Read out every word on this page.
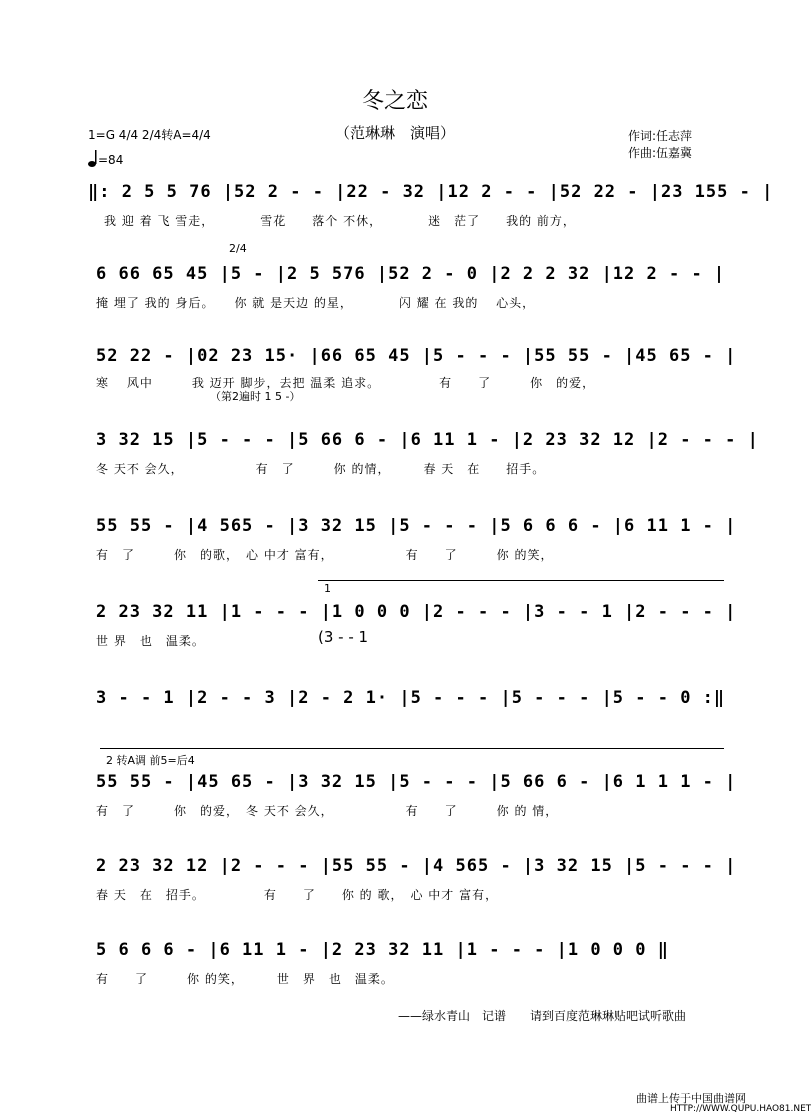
冬之恋
（范琳琳　演唱）
1=G 4/4 2/4转A=4/4
=84
作词:任志萍
作曲:伍嘉冀
2/4
（第2遍时 1 5 -）
1
(3 - - 1
2 转A调 前5=后4
‖: 2 5 5 76 |52 2 - - |22 - 32 |12 2 - - |52 22 - |23 155 - |
我 迎 着 飞 雪走，　　　　雪花　　落个 不休，　　　　迷　茫了　　我的 前方，
6 66 65 45 |5 - |2 5 576 |52 2 - 0 |2 2 2 32 |12 2 - - |
掩 埋了 我的 身后。　　你 就 是天边 的星，　　　　闪 耀 在 我的 　心头，
52 22 - |02 23 15· |66 65 45 |5 - - - |55 55 - |45 65 - |
寒 　风中　　　我 迈开 脚步，去把 温柔 追求。　　　　　有　　了　　　你　的爱，
3 32 15 |5 - - - |5 66 6 - |6 11 1 - |2 23 32 12 |2 - - - |
冬 天不 会久，　　　　　　有　了　　　你 的情，　　　春 天　在　　招手。
55 55 - |4 565 - |3 32 15 |5 - - - |5 6 6 6 - |6 11 1 - |
有　了　　　你　的歌，　心 中才 富有，　　　　　　有　　了　　　你 的笑，
2 23 32 11 |1 - - - |1 0 0 0 |2 - - - |3 - - 1 |2 - - - |
世 界　也　温柔。
3 - - 1 |2 - - 3 |2 - 2 1· |5 - - - |5 - - - |5 - - 0 :‖
55 55 - |45 65 - |3 32 15 |5 - - - |5 66 6 - |6 1 1 1 - |
有　了　　　你　的爱，　冬 天不 会久，　　　　　　有　　了　　　你 的 情，
2 23 32 12 |2 - - - |55 55 - |4 565 - |3 32 15 |5 - - - |
春 天　在　招手。　　　　　有　　了　　你 的 歌，　心 中才 富有，
5 6 6 6 - |6 11 1 - |2 23 32 11 |1 - - - |1 0 0 0 ‖
有　　了　　　你 的笑，　　　世　界　也　温柔。
——绿水青山　记谱　　请到百度范琳琳贴吧试听歌曲
曲谱上传于中国曲谱网
HTTP://WWW.QUPU.HAO81.NET
